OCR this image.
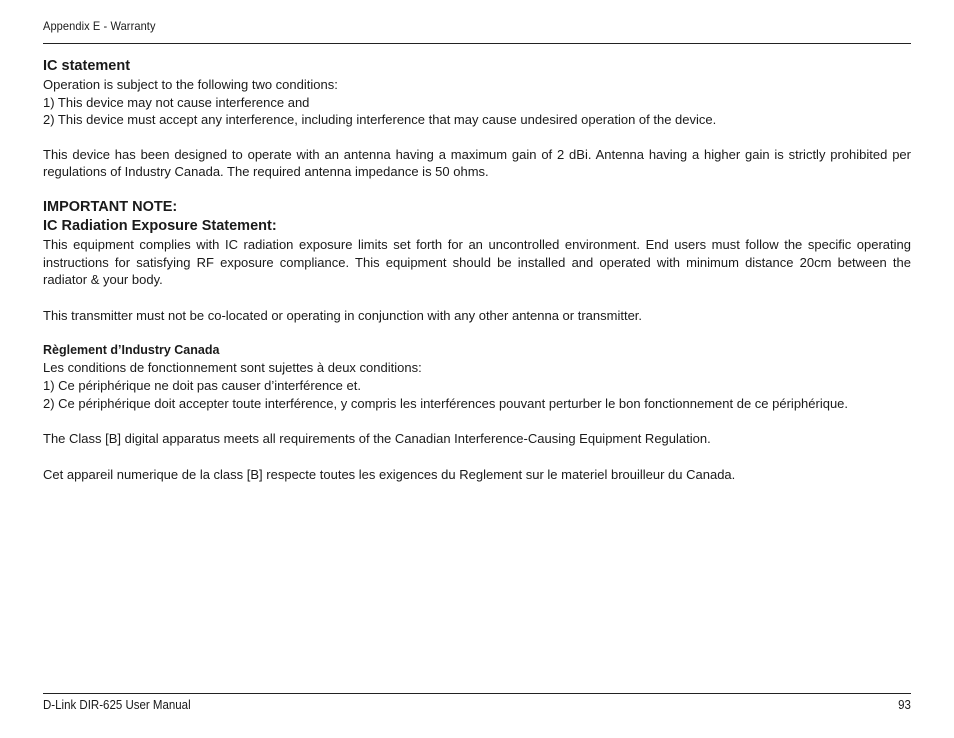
Appendix E - Warranty

IC statement

Operation is subject to the following two conditions:

1) This device may not cause interference and

2) This device must accept any interference, including interference that may cause undesired operation of the device.

This device has been designed to operate with an antenna having a maximum gain of 2 dBi. Antenna having a higher gain is strictly prohibited per regulations of Industry Canada. The required antenna impedance is 50 ohms.

IMPORTANT NOTE:

IC Radiation Exposure Statement:

This equipment complies with IC radiation exposure limits set forth for an uncontrolled environment. End users must follow the specific operating instructions for satisfying RF exposure compliance. This equipment should be installed and operated with minimum distance 20cm between the radiator & your body.

This transmitter must not be co-located or operating in conjunction with any other antenna or transmitter.

Règlement d’Industry Canada

Les conditions de fonctionnement sont sujettes à deux conditions:

1) Ce périphérique ne doit pas causer d’interférence et.

2) Ce périphérique doit accepter toute interférence, y compris les interférences pouvant perturber le bon fonctionnement de ce périphérique.

The Class [B] digital apparatus meets all requirements of the Canadian Interference-Causing Equipment Regulation.

Cet appareil numerique de la class [B] respecte toutes les exigences du Reglement sur le materiel brouilleur du Canada.

D-Link DIR-625 User Manual	93
